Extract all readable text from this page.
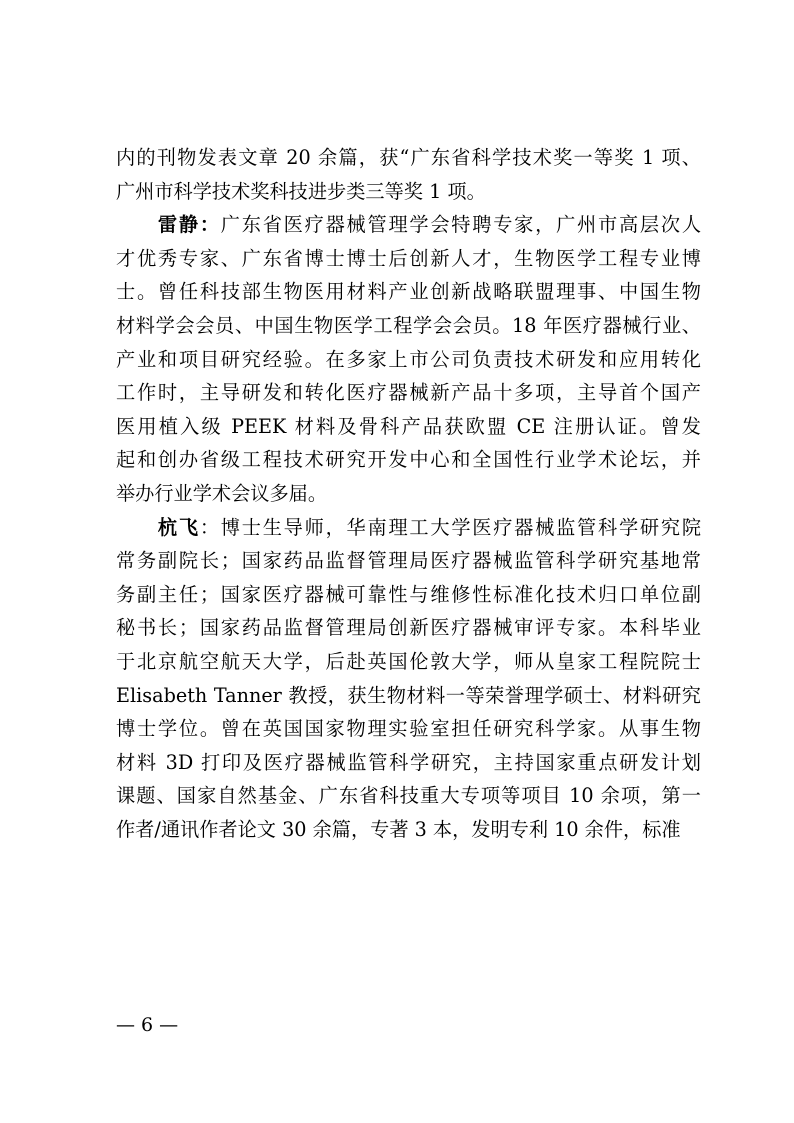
内的刊物发表文章 20 余篇，获“广东省科学技术奖一等奖 1 项、
广州市科学技术奖科技进步类三等奖 1 项。
　　雷静：广东省医疗器械管理学会特聘专家，广州市高层次人
才优秀专家、广东省博士博士后创新人才，生物医学工程专业博
士。曾任科技部生物医用材料产业创新战略联盟理事、中国生物
材料学会会员、中国生物医学工程学会会员。18 年医疗器械行业、
产业和项目研究经验。在多家上市公司负责技术研发和应用转化
工作时，主导研发和转化医疗器械新产品十多项，主导首个国产
医用植入级 PEEK 材料及骨科产品获欧盟 CE 注册认证。曾发
起和创办省级工程技术研究开发中心和全国性行业学术论坛，并
举办行业学术会议多届。
　　杭飞：博士生导师，华南理工大学医疗器械监管科学研究院
常务副院长；国家药品监督管理局医疗器械监管科学研究基地常
务副主任；国家医疗器械可靠性与维修性标准化技术归口单位副
秘书长；国家药品监督管理局创新医疗器械审评专家。本科毕业
于北京航空航天大学，后赴英国伦敦大学，师从皇家工程院院士
Elisabeth Tanner 教授，获生物材料一等荣誉理学硕士、材料研究
博士学位。曾在英国国家物理实验室担任研究科学家。从事生物
材料 3D 打印及医疗器械监管科学研究，主持国家重点研发计划
课题、国家自然基金、广东省科技重大专项等项目 10 余项，第一
作者/通讯作者论文 30 余篇，专著 3 本，发明专利 10 余件，标准
— 6 —
